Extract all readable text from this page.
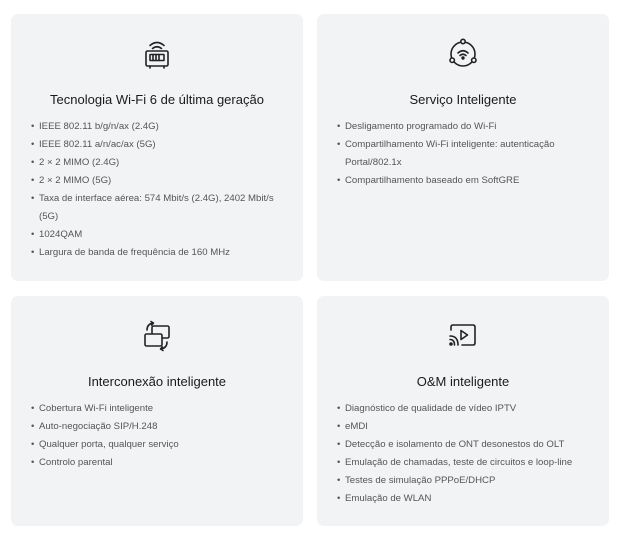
Tecnologia Wi-Fi 6 de última geração
• IEEE 802.11 b/g/n/ax (2.4G)
• IEEE 802.11 a/n/ac/ax (5G)
• 2 × 2 MIMO (2.4G)
• 2 × 2 MIMO (5G)
• Taxa de interface aérea: 574 Mbit/s (2.4G), 2402 Mbit/s (5G)
• 1024QAM
• Largura de banda de frequência de 160 MHz
Serviço Inteligente
• Desligamento programado do Wi-Fi
• Compartilhamento Wi-Fi inteligente: autenticação Portal/802.1x
• Compartilhamento baseado em SoftGRE
Interconexão inteligente
• Cobertura Wi-Fi inteligente
• Auto-negociação SIP/H.248
• Qualquer porta, qualquer serviço
• Controlo parental
O&M inteligente
• Diagnóstico de qualidade de vídeo IPTV
• eMDI
• Detecção e isolamento de ONT desonestos do OLT
• Emulação de chamadas, teste de circuitos e loop-line
• Testes de simulação PPPoE/DHCP
• Emulação de WLAN
